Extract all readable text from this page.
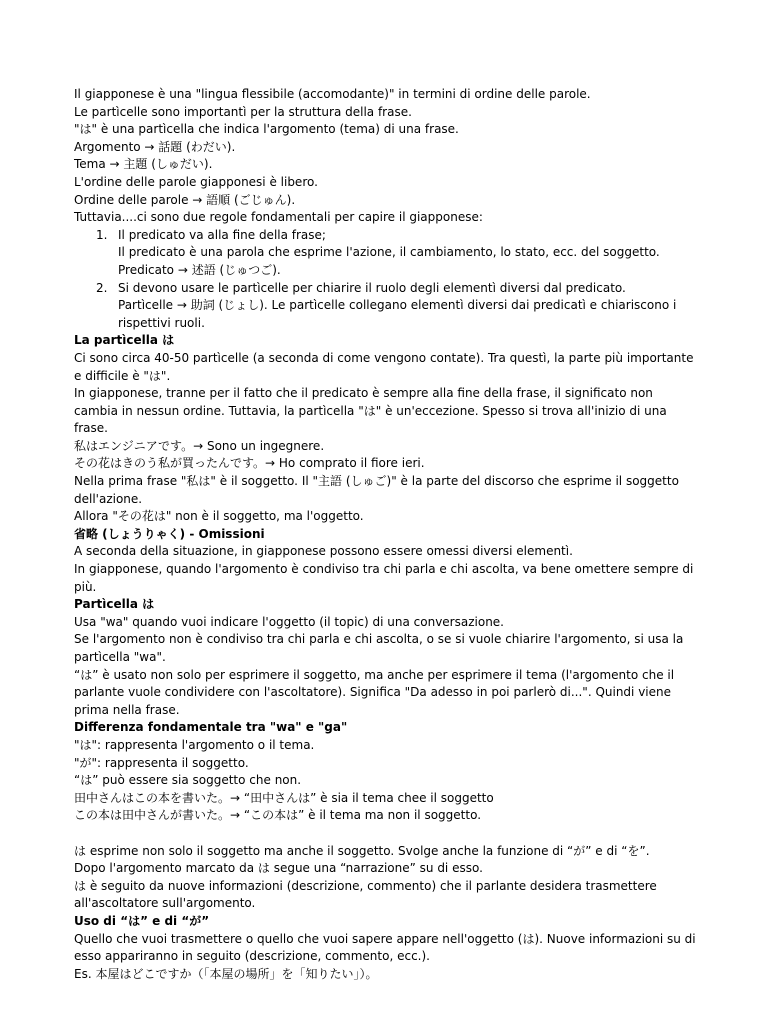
Il giapponese è una "lingua flessibile (accomodante)" in termini di ordine delle parole.
Le partìcelle sono importantì per la struttura della frase.
"は" è una partìcella che indica l'argomento (tema) di una frase.
Argomento → 話題 (わだい).
Tema → 主題 (しゅだい).
L'ordine delle parole giapponesi è libero.
Ordine delle parole → 語順 (ごじゅん).
Tuttavia....ci sono due regole fondamentali per capire il giapponese:
1. Il predicato va alla fine della frase;
Il predicato è una parola che esprime l'azione, il cambiamento, lo stato, ecc. del soggetto.
Predicato → 述語 (じゅつご).
2. Si devono usare le partìcelle per chiarire il ruolo degli elementì diversi dal predicato.
Partìcelle → 助詞 (じょし). Le partìcelle collegano elementì diversi dai predicatì e chiariscono i rispettivi ruoli.
La partìcella は
Ci sono circa 40-50 partìcelle (a seconda di come vengono contate). Tra questì, la parte più importante e difficile è "は".
In giapponese, tranne per il fatto che il predicato è sempre alla fine della frase, il significato non cambia in nessun ordine. Tuttavia, la partìcella "は" è un'eccezione. Spesso si trova all'inizio di una frase.
私はエンジニアです。→ Sono un ingegnere.
その花はきのう私が買ったんです。→ Ho comprato il fiore ieri.
Nella prima frase "私は" è il soggetto. Il "主語 (しゅご)" è la parte del discorso che esprime il soggetto dell'azione.
Allora "その花は" non è il soggetto, ma l'oggetto.
省略 (しょうりゃく) - Omissioni
A seconda della situazione, in giapponese possono essere omessi diversi elementì.
In giapponese, quando l'argomento è condiviso tra chi parla e chi ascolta, va bene omettere sempre di più.
Partìcella は
Usa "wa" quando vuoi indicare l'oggetto (il topic) di una conversazione.
Se l'argomento non è condiviso tra chi parla e chi ascolta, o se si vuole chiarire l'argomento, si usa la partìcella "wa".
“は” è usato non solo per esprimere il soggetto, ma anche per esprimere il tema (l'argomento che il parlante vuole condividere con l'ascoltatore). Significa "Da adesso in poi parlerò di...". Quindi viene prima nella frase.
Differenza fondamentale tra "wa" e "ga"
"は": rappresenta l'argomento o il tema.
"が": rappresenta il soggetto.
“は” può essere sia soggetto che non.
田中さんはこの本を書いた。→ “田中さんは” è sia il tema chee il soggetto
この本は田中さんが書いた。→ “この本は” è il tema ma non il soggetto.
は esprime non solo il soggetto ma anche il soggetto. Svolge anche la funzione di “が” e di “を”.
Dopo l'argomento marcato da は segue una “narrazione” su di esso.
は è seguito da nuove informazioni (descrizione, commento) che il parlante desidera trasmettere all'ascoltatore sull'argomento.
Uso di “は” e di “が”
Quello che vuoi trasmettere o quello che vuoi sapere appare nell'oggetto (は). Nuove informazioni su di esso appariranno in seguito (descrizione, commento, ecc.).
Es. 本屋はどこですか（「本屋の場所」を「知りたい」）。
